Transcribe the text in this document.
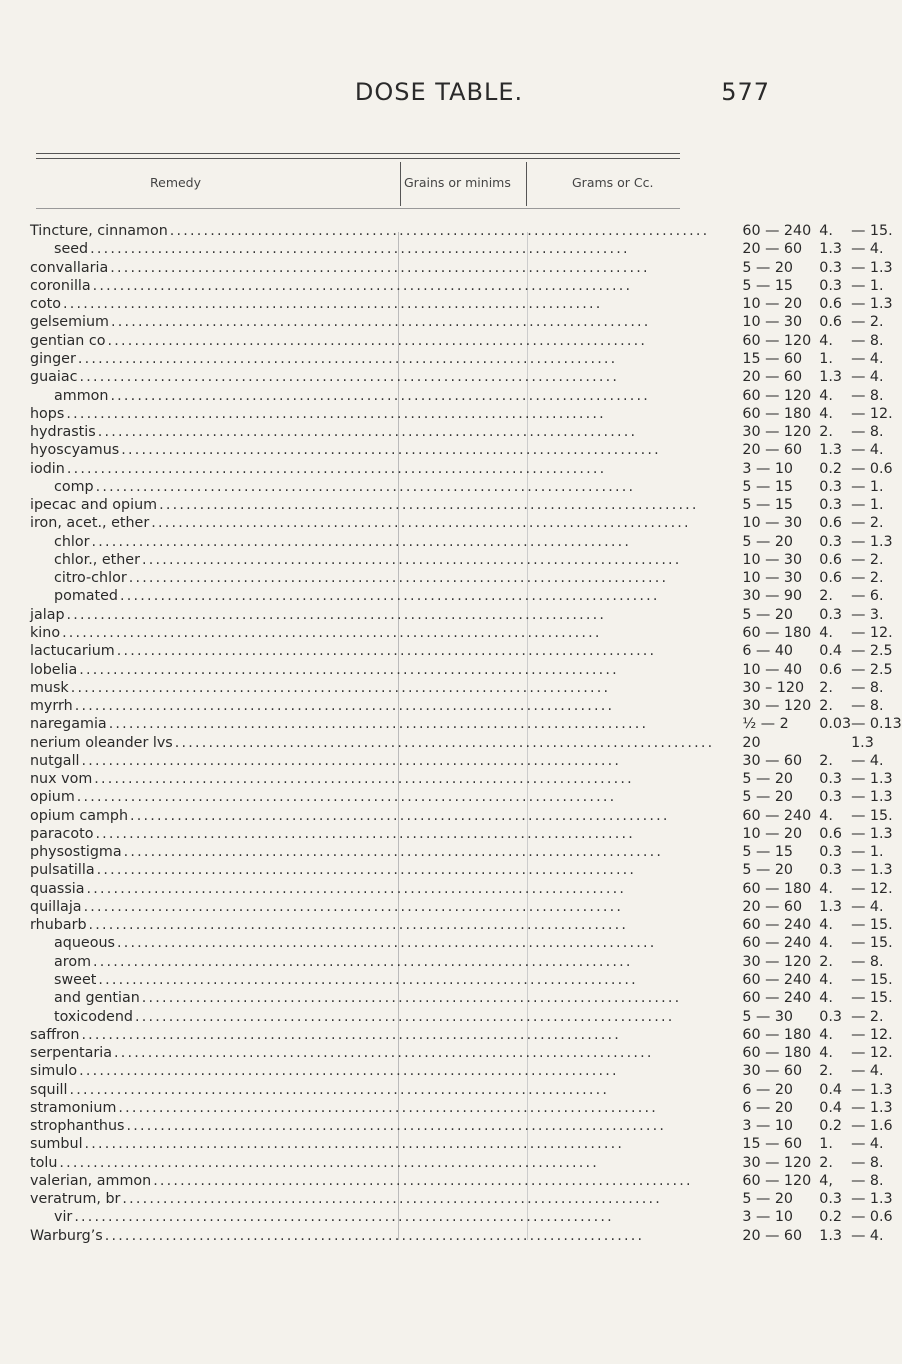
DOSE TABLE.	577
Remedy	Grains or minims	Grams or Cc.
Tincture, cinnamon ................................................................................	60 — 240	4.	— 15.

seed ................................................................................	20 — 60	1.3	— 4.

convallaria ................................................................................	5 — 20	0.3	— 1.3

coronilla ................................................................................	5 — 15	0.3	— 1.

coto ................................................................................	10 — 20	0.6	— 1.3

gelsemium ................................................................................	10 — 30	0.6	— 2.

gentian co ................................................................................	60 — 120	4.	— 8.

ginger ................................................................................	15 — 60	1.	— 4.

guaiac ................................................................................	20 — 60	1.3	— 4.

ammon ................................................................................	60 — 120	4.	— 8.

hops ................................................................................	60 — 180	4.	— 12.

hydrastis ................................................................................	30 — 120	2.	— 8.

hyoscyamus ................................................................................	20 — 60	1.3	— 4.

iodin ................................................................................	3 — 10	0.2	— 0.6

comp ................................................................................	5 — 15	0.3	— 1.

ipecac and opium ................................................................................	5 — 15	0.3	— 1.

iron, acet., ether ................................................................................	10 — 30	0.6	— 2.

chlor ................................................................................	5 — 20	0.3	— 1.3

chlor., ether ................................................................................	10 — 30	0.6	— 2.

citro-chlor ................................................................................	10 — 30	0.6	— 2.

pomated ................................................................................	30 — 90	2.	— 6.

jalap ................................................................................	5 — 20	0.3	— 3.

kino ................................................................................	60 — 180	4.	— 12.

lactucarium ................................................................................	6 — 40	0.4	— 2.5

lobelia ................................................................................	10 — 40	0.6	— 2.5

musk ................................................................................	30 – 120	2.	— 8.

myrrh ................................................................................	30 — 120	2.	— 8.

naregamia ................................................................................	½ — 2	0.03	— 0.13

nerium oleander lvs ................................................................................	20		1.3

nutgall ................................................................................	30 — 60	2.	— 4.

nux vom ................................................................................	5 — 20	0.3	— 1.3

opium ................................................................................	5 — 20	0.3	— 1.3

opium camph ................................................................................	60 — 240	4.	— 15.

paracoto ................................................................................	10 — 20	0.6	— 1.3

physostigma ................................................................................	5 — 15	0.3	— 1.

pulsatilla ................................................................................	5 — 20	0.3	— 1.3

quassia ................................................................................	60 — 180	4.	— 12.

quillaja ................................................................................	20 — 60	1.3	— 4.

rhubarb ................................................................................	60 — 240	4.	— 15.

aqueous ................................................................................	60 — 240	4.	— 15.

arom ................................................................................	30 — 120	2.	— 8.

sweet ................................................................................	60 — 240	4.	— 15.

and gentian ................................................................................	60 — 240	4.	— 15.

toxicodend ................................................................................	5 — 30	0.3	— 2.

saffron ................................................................................	60 — 180	4.	— 12.

serpentaria ................................................................................	60 — 180	4.	— 12.

simulo ................................................................................	30 — 60	2.	— 4.

squill ................................................................................	6 — 20	0.4	— 1.3

stramonium ................................................................................	6 — 20	0.4	— 1.3

strophanthus ................................................................................	3 — 10	0.2	— 1.6

sumbul ................................................................................	15 — 60	1.	— 4.

tolu ................................................................................	30 — 120	2.	— 8.

valerian, ammon ................................................................................	60 — 120	4,	— 8.

veratrum, br ................................................................................	5 — 20	0.3	— 1.3

vir ................................................................................	3 — 10	0.2	— 0.6

Warburg’s ................................................................................	20 — 60	1.3	— 4.
